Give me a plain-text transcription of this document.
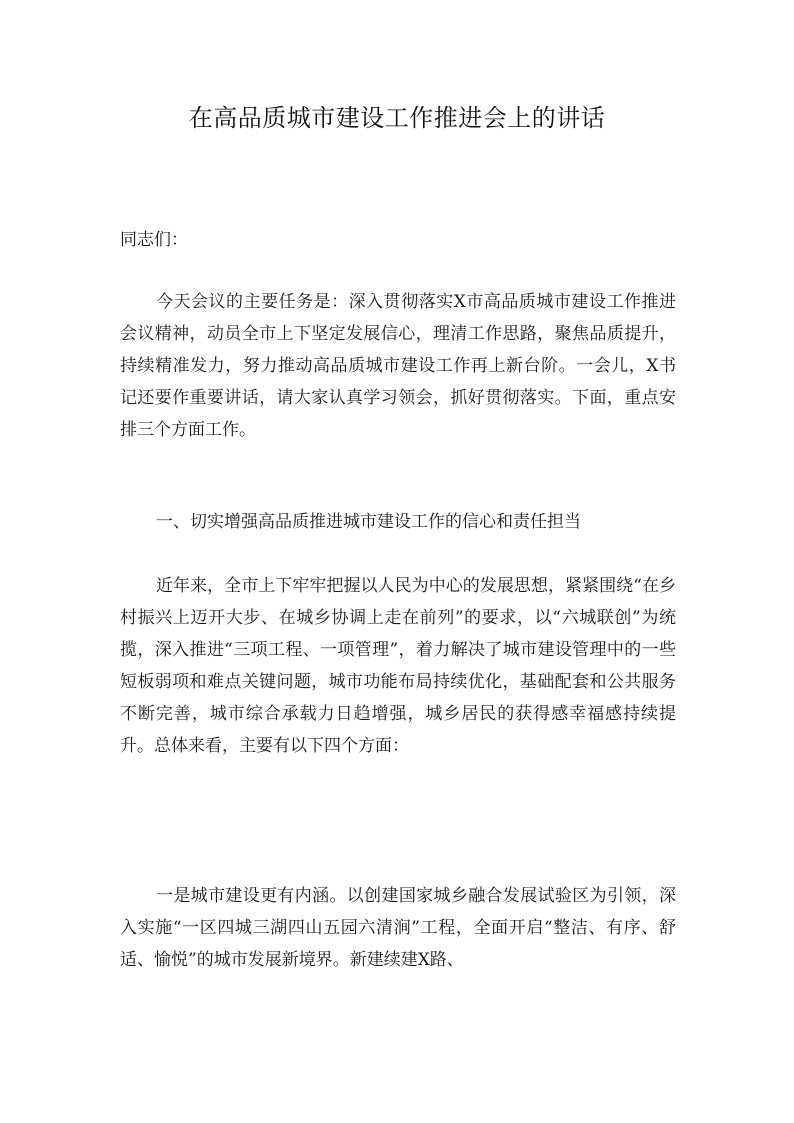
在高品质城市建设工作推进会上的讲话

同志们：

今天会议的主要任务是：深入贯彻落实X市高品质城市建设工作推进会议精神，动员全市上下坚定发展信心，理清工作思路，聚焦品质提升，持续精准发力，努力推动高品质城市建设工作再上新台阶。一会儿，X书记还要作重要讲话，请大家认真学习领会，抓好贯彻落实。下面，重点安排三个方面工作。

一、切实增强高品质推进城市建设工作的信心和责任担当

近年来，全市上下牢牢把握以人民为中心的发展思想，紧紧围绕“在乡村振兴上迈开大步、在城乡协调上走在前列”的要求，以“六城联创”为统揽，深入推进“三项工程、一项管理”，着力解决了城市建设管理中的一些短板弱项和难点关键问题，城市功能布局持续优化，基础配套和公共服务不断完善，城市综合承载力日趋增强，城乡居民的获得感幸福感持续提升。总体来看，主要有以下四个方面：

一是城市建设更有内涵。以创建国家城乡融合发展试验区为引领，深入实施“一区四城三湖四山五园六清涧”工程，全面开启“整洁、有序、舒适、愉悦”的城市发展新境界。新建续建X路、
